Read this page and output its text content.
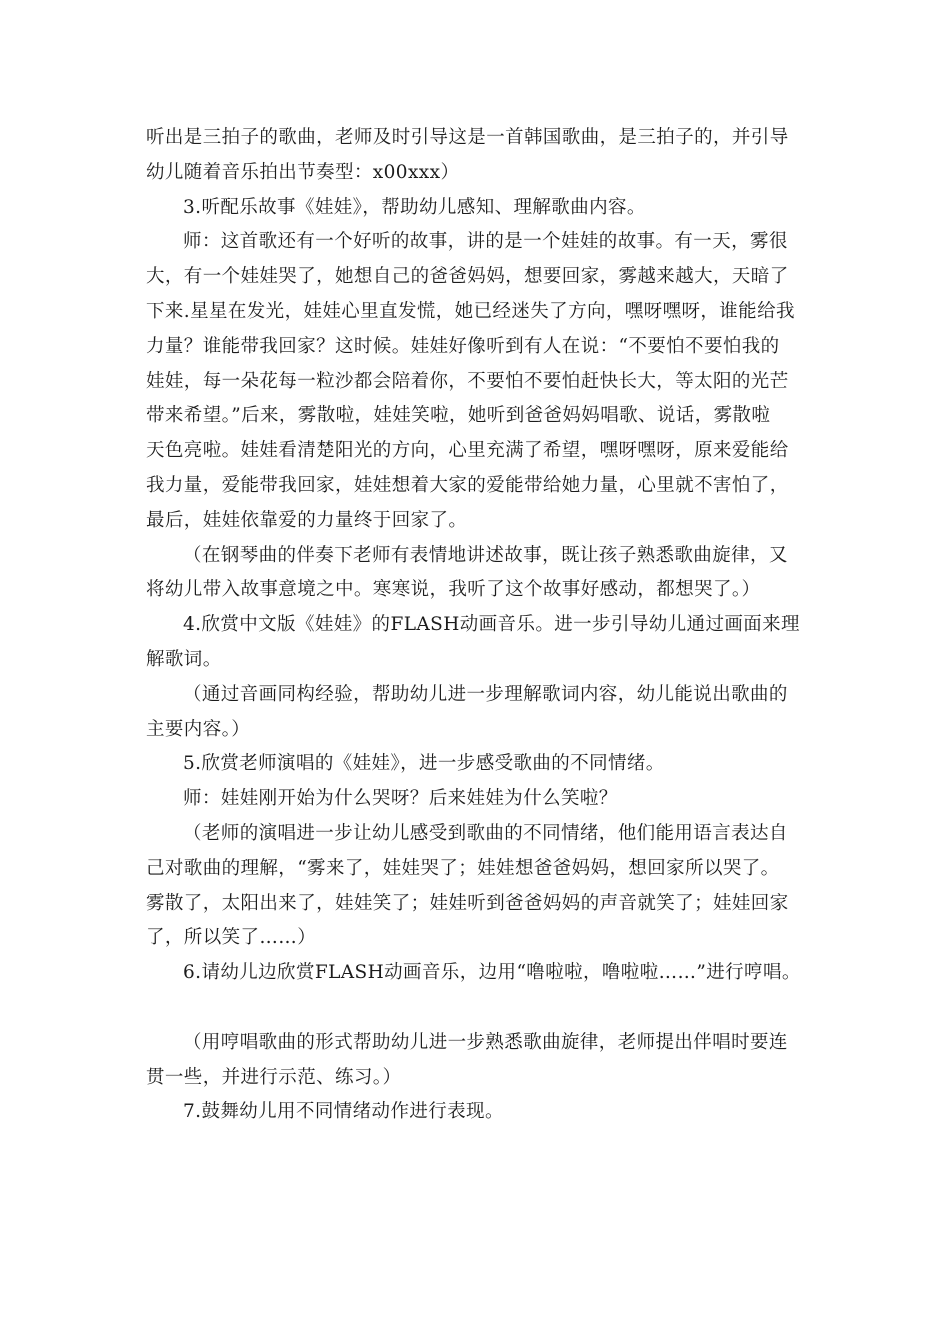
听出是三拍子的歌曲，老师及时引导这是一首韩国歌曲，是三拍子的，并引导
幼儿随着音乐拍出节奏型：x00xxx）

3.听配乐故事《娃娃》，帮助幼儿感知、理解歌曲内容。

师：这首歌还有一个好听的故事，讲的是一个娃娃的故事。有一天，雾很
大，有一个娃娃哭了，她想自己的爸爸妈妈，想要回家，雾越来越大，天暗了
下来.星星在发光，娃娃心里直发慌，她已经迷失了方向，嘿呀嘿呀，谁能给我
力量？谁能带我回家？这时候。娃娃好像听到有人在说：“不要怕不要怕我的
娃娃，每一朵花每一粒沙都会陪着你，不要怕不要怕赶快长大，等太阳的光芒
带来希望。”后来，雾散啦，娃娃笑啦，她听到爸爸妈妈唱歌、说话，雾散啦
天色亮啦。娃娃看清楚阳光的方向，心里充满了希望，嘿呀嘿呀，原来爱能给
我力量，爱能带我回家，娃娃想着大家的爱能带给她力量，心里就不害怕了，
最后，娃娃依靠爱的力量终于回家了。

（在钢琴曲的伴奏下老师有表情地讲述故事，既让孩子熟悉歌曲旋律，又
将幼儿带入故事意境之中。寒寒说，我听了这个故事好感动，都想哭了。）

4.欣赏中文版《娃娃》的FLASH动画音乐。进一步引导幼儿通过画面来理
解歌词。

（通过音画同构经验，帮助幼儿进一步理解歌词内容，幼儿能说出歌曲的
主要内容。）

5.欣赏老师演唱的《娃娃》，进一步感受歌曲的不同情绪。

师：娃娃刚开始为什么哭呀？后来娃娃为什么笑啦？

（老师的演唱进一步让幼儿感受到歌曲的不同情绪，他们能用语言表达自
己对歌曲的理解，“雾来了，娃娃哭了；娃娃想爸爸妈妈，想回家所以哭了。
雾散了，太阳出来了，娃娃笑了；娃娃听到爸爸妈妈的声音就笑了；娃娃回家
了，所以笑了……）

6.请幼儿边欣赏FLASH动画音乐，边用“噜啦啦，噜啦啦……”进行哼唱。

（用哼唱歌曲的形式帮助幼儿进一步熟悉歌曲旋律，老师提出伴唱时要连
贯一些，并进行示范、练习。）

7.鼓舞幼儿用不同情绪动作进行表现。
